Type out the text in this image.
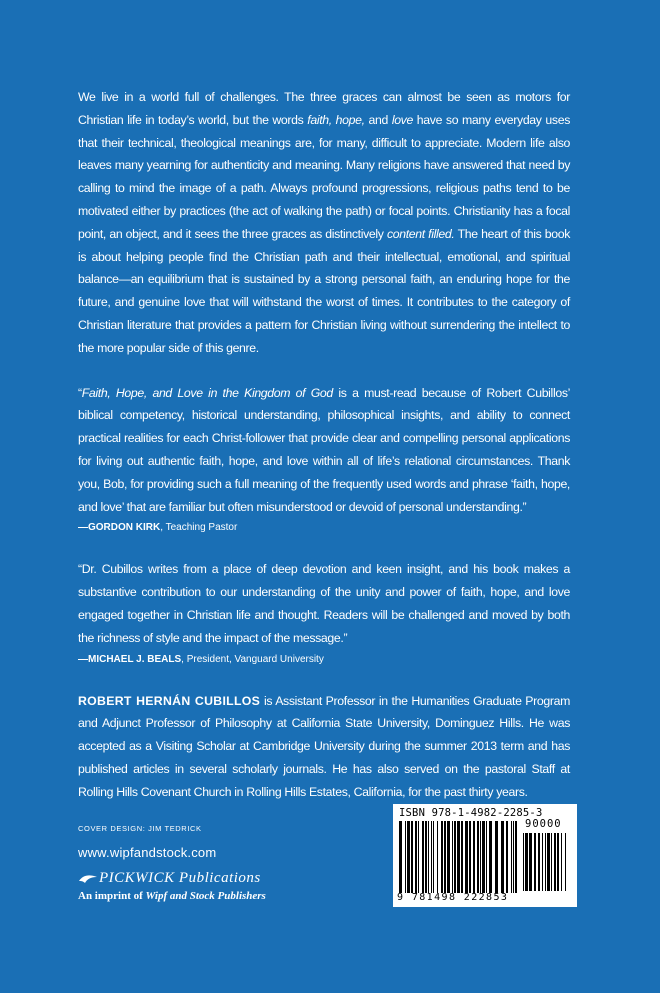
We live in a world full of challenges. The three graces can almost be seen as motors for Christian life in today’s world, but the words faith, hope, and love have so many everyday uses that their technical, theological meanings are, for many, difficult to appreciate. Modern life also leaves many yearning for authenticity and meaning. Many religions have answered that need by calling to mind the image of a path. Always profound progressions, religious paths tend to be motivated either by practices (the act of walking the path) or focal points. Christianity has a focal point, an object, and it sees the three graces as distinctively content filled. The heart of this book is about helping people find the Christian path and their intellectual, emotional, and spiritual balance—an equilibrium that is sustained by a strong personal faith, an enduring hope for the future, and genuine love that will withstand the worst of times. It contributes to the category of Christian literature that provides a pattern for Christian living without surrendering the intellect to the more popular side of this genre.

“Faith, Hope, and Love in the Kingdom of God is a must-read because of Robert Cubillos’ biblical competency, historical understanding, philosophical insights, and ability to connect practical realities for each Christ-follower that provide clear and compelling personal applications for living out authentic faith, hope, and love within all of life’s relational circumstances. Thank you, Bob, for providing such a full meaning of the frequently used words and phrase ‘faith, hope, and love’ that are familiar but often misunderstood or devoid of personal understanding.”

—GORDON KIRK, Teaching Pastor

“Dr. Cubillos writes from a place of deep devotion and keen insight, and his book makes a substantive contribution to our understanding of the unity and power of faith, hope, and love engaged together in Christian life and thought. Readers will be challenged and moved by both the richness of style and the impact of the message.”

—MICHAEL J. BEALS, President, Vanguard University

ROBERT HERNÁN CUBILLOS is Assistant Professor in the Humanities Graduate Program and Adjunct Professor of Philosophy at California State University, Dominguez Hills. He was accepted as a Visiting Scholar at Cambridge University during the summer 2013 term and has published articles in several scholarly journals. He has also served on the pastoral Staff at Rolling Hills Covenant Church in Rolling Hills Estates, California, for the past thirty years.

COVER DESIGN: JIM TEDRICK
www.wipfandstock.com
PICKWICK Publications
An imprint of Wipf and Stock Publishers
ISBN 978-1-4982-2285-3
90000
9 781498 222853
